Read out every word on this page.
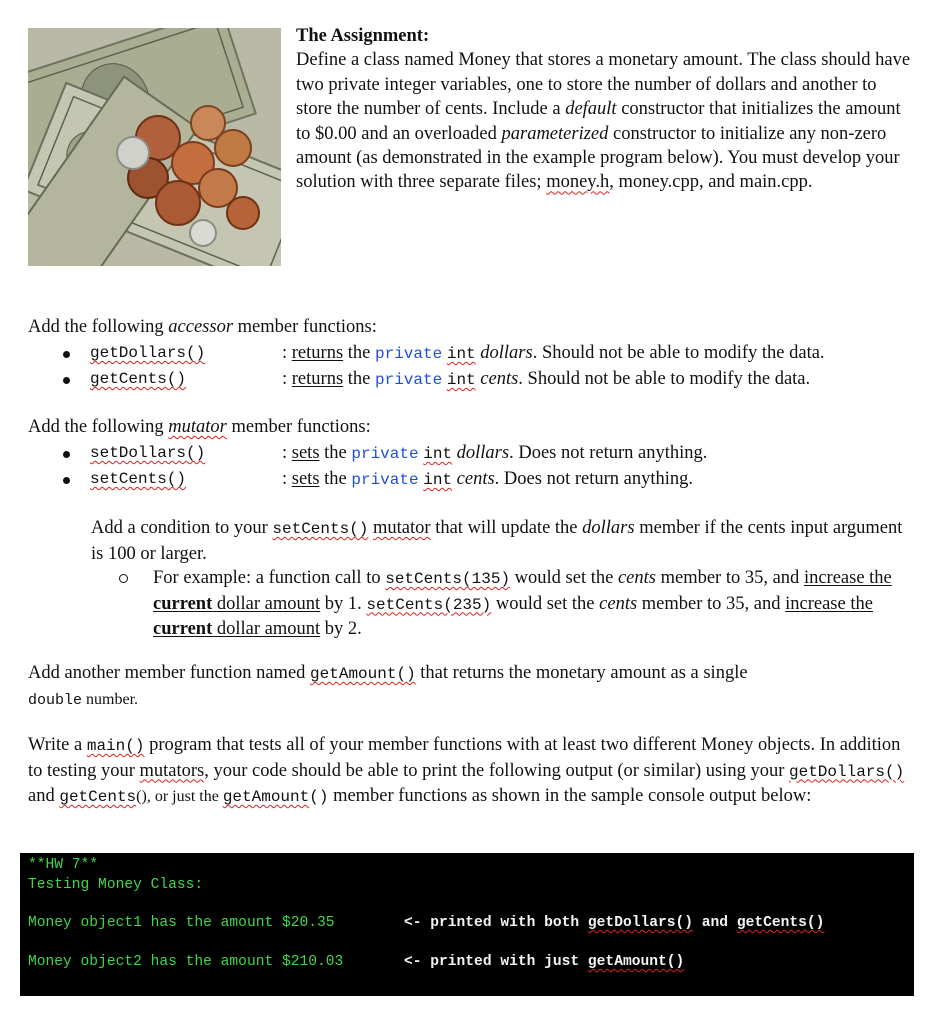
The Assignment:

Define a class named Money that stores a monetary amount. The class should have two private integer variables, one to store the number of dollars and another to store the number of cents. Include a default constructor that initializes the amount to $0.00 and an overloaded parameterized constructor to initialize any non-zero amount (as demonstrated in the example program below). You must develop your solution with three separate files; money.h, money.cpp, and main.cpp.

Add the following accessor member functions:
getDollars()	: returns the private int dollars. Should not be able to modify the data.
getCents()	: returns the private int cents. Should not be able to modify the data.
Add the following mutator member functions:
setDollars()	: sets the private int dollars. Does not return anything.
setCents()	: sets the private int cents. Does not return anything.
Add a condition to your setCents() mutator that will update the dollars member if the cents input argument is 100 or larger.
For example: a function call to setCents(135) would set the cents member to 35, and increase the current dollar amount by 1. setCents(235) would set the cents member to 35, and increase the current dollar amount by 2.
Add another member function named getAmount() that returns the monetary amount as a single
double number.
Write a main() program that tests all of your member functions with at least two different Money objects. In addition to testing your mutators, your code should be able to print the following output (or similar) using your getDollars() and getCents(), or just the getAmount() member functions as shown in the sample console output below:
**HW 7**
Testing Money Class:
Money object1 has the amount $20.35	<- printed with both getDollars() and getCents()
Money object2 has the amount $210.03	<- printed with just getAmount()
